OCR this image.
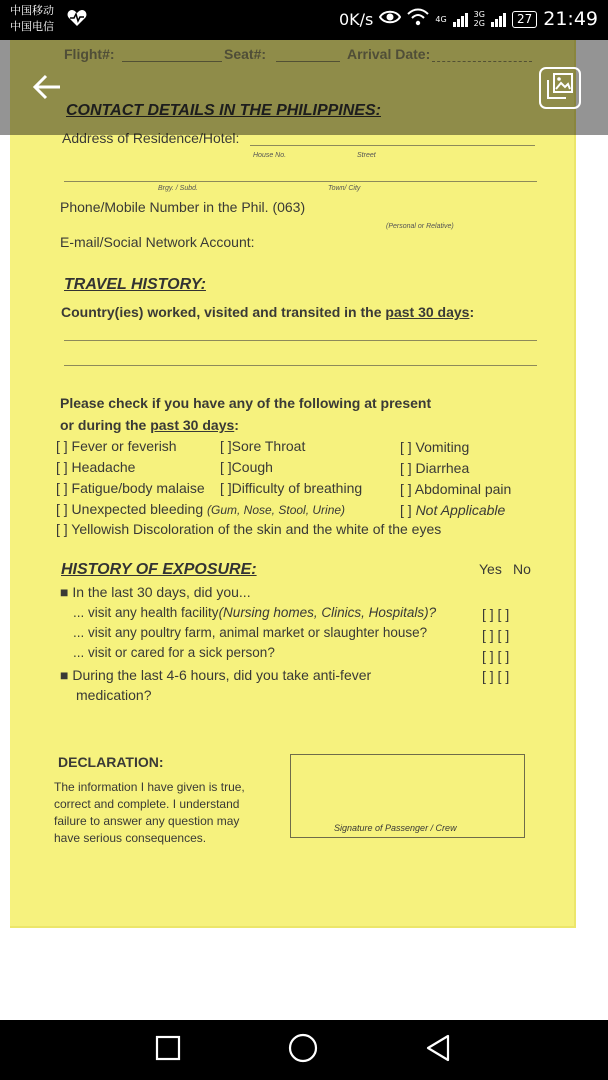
中国移动
中国电信	0K/s	4G	3G
2G	27 21:49
Flight#:	Seat#:	Arrival Date:
CONTACT DETAILS IN THE PHILIPPINES:
Address of Residence/Hotel:
House No.	Street
Brgy. / Subd.	Town/ City
Phone/Mobile Number in the Phil. (063)
(Personal or Relative)
E-mail/Social Network Account:
TRAVEL HISTORY:
Country(ies) worked, visited and transited in the past 30 days:
Please check if you have any of the following at present
or during the past 30 days:
[ ] Fever or feverish	[ ]Sore Throat	[ ] Vomiting
[ ] Headache	[ ]Cough	[ ] Diarrhea
[ ] Fatigue/body malaise [ ]Difficulty of breathing	[ ] Abdominal pain
[ ] Unexpected bleeding (Gum, Nose, Stool, Urine)	[ ] Not Applicable
[ ] Yellowish Discoloration of the skin and the white of the eyes
HISTORY OF EXPOSURE:	Yes No
■ In the last 30 days, did you...
... visit any health facility(Nursing homes, Clinics, Hospitals)?	[ ] [ ]
... visit any poultry farm, animal market or slaughter house?	[ ] [ ]
... visit or cared for a sick person?	[ ] [ ]
■ During the last 4-6 hours, did you take anti-fever	[ ] [ ]
medication?
DECLARATION:
The information I have given is true,
correct and complete. I understand
failure to answer any question may
have serious consequences.
Signature of Passenger / Crew
